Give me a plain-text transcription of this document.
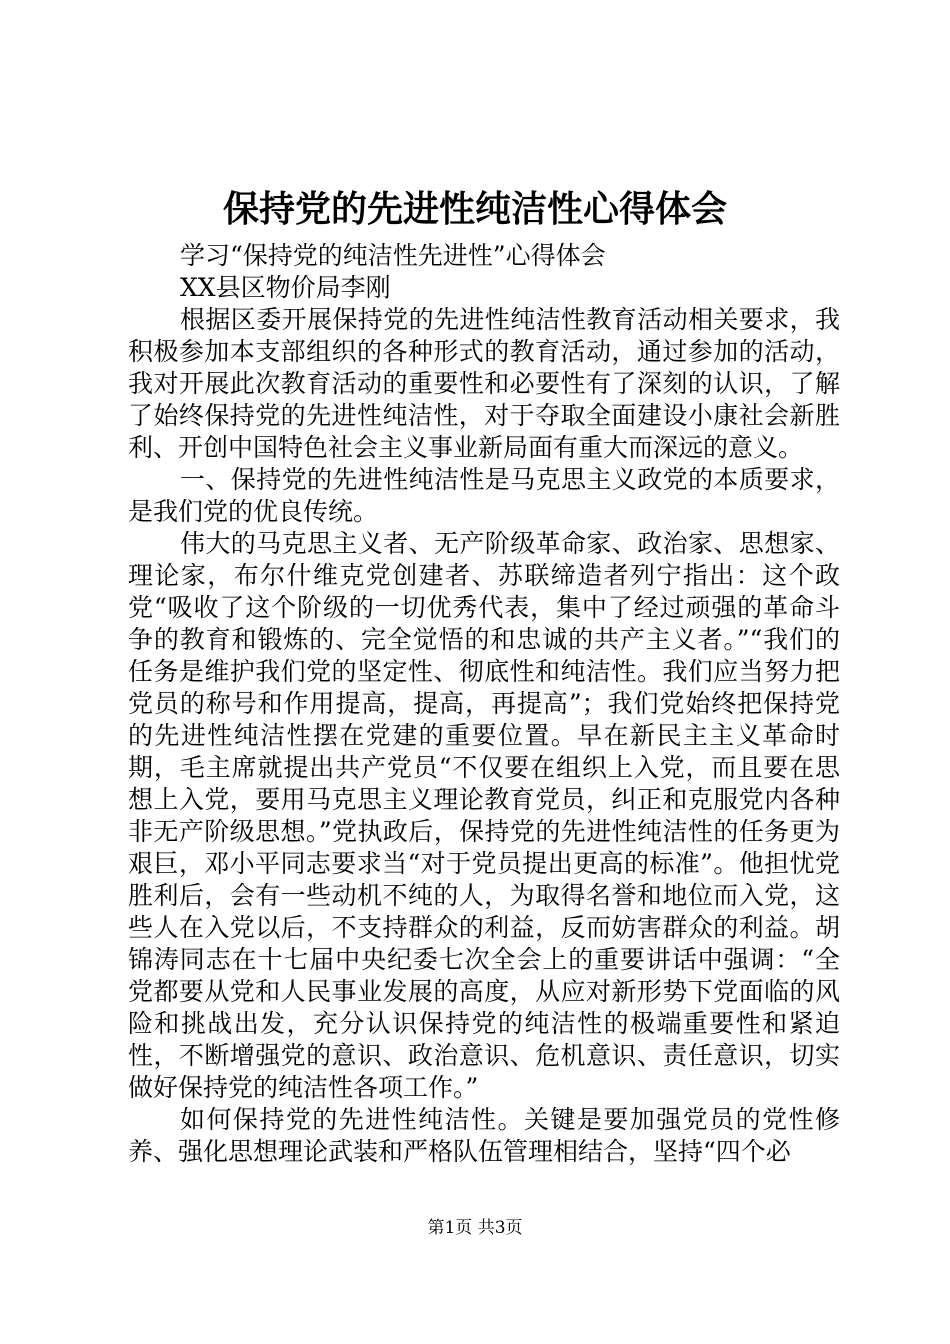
保持党的先进性纯洁性心得体会

学习“保持党的纯洁性先进性”心得体会

XX县区物价局李刚

根据区委开展保持党的先进性纯洁性教育活动相关要求，我积极参加本支部组织的各种形式的教育活动，通过参加的活动，我对开展此次教育活动的重要性和必要性有了深刻的认识，了解了始终保持党的先进性纯洁性，对于夺取全面建设小康社会新胜利、开创中国特色社会主义事业新局面有重大而深远的意义。

一、保持党的先进性纯洁性是马克思主义政党的本质要求，是我们党的优良传统。

伟大的马克思主义者、无产阶级革命家、政治家、思想家、理论家，布尔什维克党创建者、苏联缔造者列宁指出：这个政党“吸收了这个阶级的一切优秀代表，集中了经过顽强的革命斗争的教育和锻炼的、完全觉悟的和忠诚的共产主义者。”“我们的任务是维护我们党的坚定性、彻底性和纯洁性。我们应当努力把党员的称号和作用提高，提高，再提高”；我们党始终把保持党的先进性纯洁性摆在党建的重要位置。早在新民主主义革命时期，毛主席就提出共产党员“不仅要在组织上入党，而且要在思想上入党，要用马克思主义理论教育党员，纠正和克服党内各种非无产阶级思想。”党执政后，保持党的先进性纯洁性的任务更为艰巨，邓小平同志要求当“对于党员提出更高的标准”。他担忧党胜利后，会有一些动机不纯的人，为取得名誉和地位而入党，这些人在入党以后，不支持群众的利益，反而妨害群众的利益。胡锦涛同志在十七届中央纪委七次全会上的重要讲话中强调：“全党都要从党和人民事业发展的高度，从应对新形势下党面临的风险和挑战出发，充分认识保持党的纯洁性的极端重要性和紧迫性，不断增强党的意识、政治意识、危机意识、责任意识，切实做好保持党的纯洁性各项工作。”

如何保持党的先进性纯洁性。关键是要加强党员的党性修养、强化思想理论武装和严格队伍管理相结合，坚持“四个必

第1页 共3页
